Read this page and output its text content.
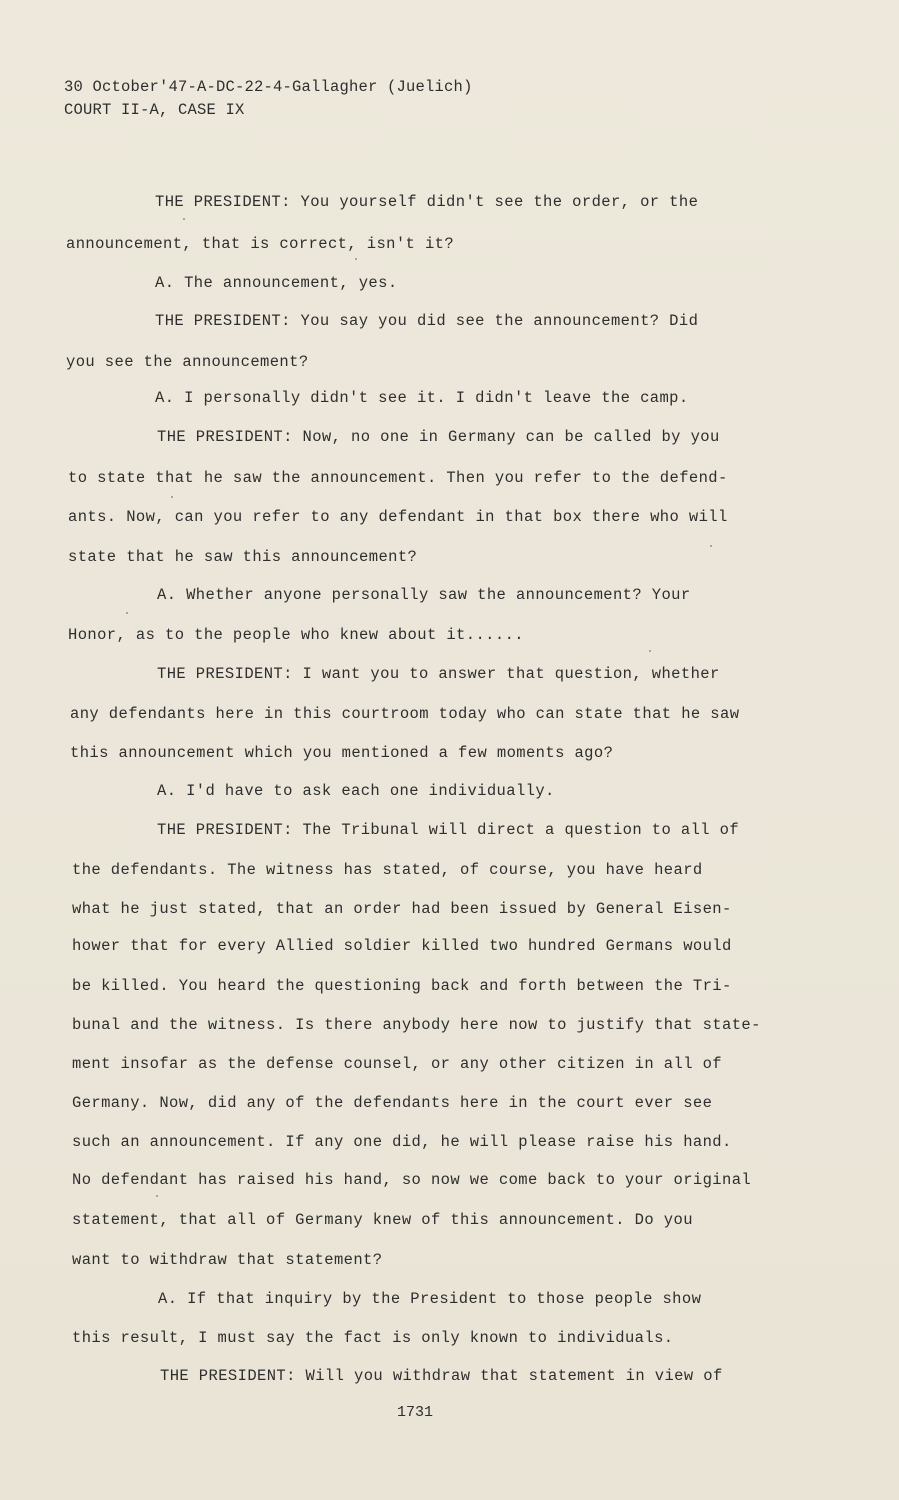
30 October'47-A-DC-22-4-Gallagher (Juelich)
COURT II-A, CASE IX
THE PRESIDENT: You yourself didn't see the order, or the
announcement, that is correct, isn't it?
A. The announcement, yes.
THE PRESIDENT: You say you did see the announcement? Did
you see the announcement?
A. I personally didn't see it. I didn't leave the camp.
THE PRESIDENT: Now, no one in Germany can be called by you
to state that he saw the announcement. Then you refer to the defend-
ants. Now, can you refer to any defendant in that box there who will
state that he saw this announcement?
A. Whether anyone personally saw the announcement? Your
Honor, as to the people who knew about it......
THE PRESIDENT: I want you to answer that question, whether
any defendants here in this courtroom today who can state that he saw
this announcement which you mentioned a few moments ago?
A. I'd have to ask each one individually.
THE PRESIDENT: The Tribunal will direct a question to all of
the defendants. The witness has stated, of course, you have heard
what he just stated, that an order had been issued by General Eisen-
hower that for every Allied soldier killed two hundred Germans would
be killed. You heard the questioning back and forth between the Tri-
bunal and the witness. Is there anybody here now to justify that state-
ment insofar as the defense counsel, or any other citizen in all of
Germany. Now, did any of the defendants here in the court ever see
such an announcement. If any one did, he will please raise his hand.
No defendant has raised his hand, so now we come back to your original
statement, that all of Germany knew of this announcement. Do you
want to withdraw that statement?
A. If that inquiry by the President to those people show
this result, I must say the fact is only known to individuals.
THE PRESIDENT: Will you withdraw that statement in view of
1731
